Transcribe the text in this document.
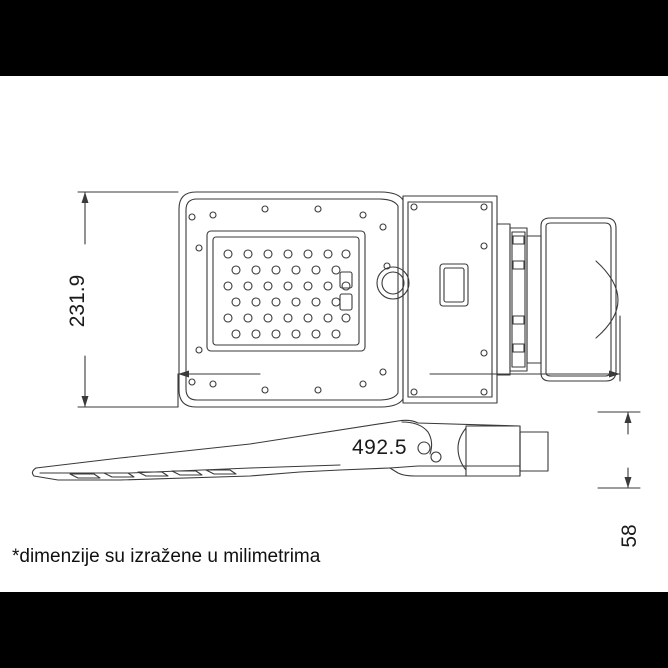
231.9
492.5
58
*dimenzije su izražene u milimetrima
